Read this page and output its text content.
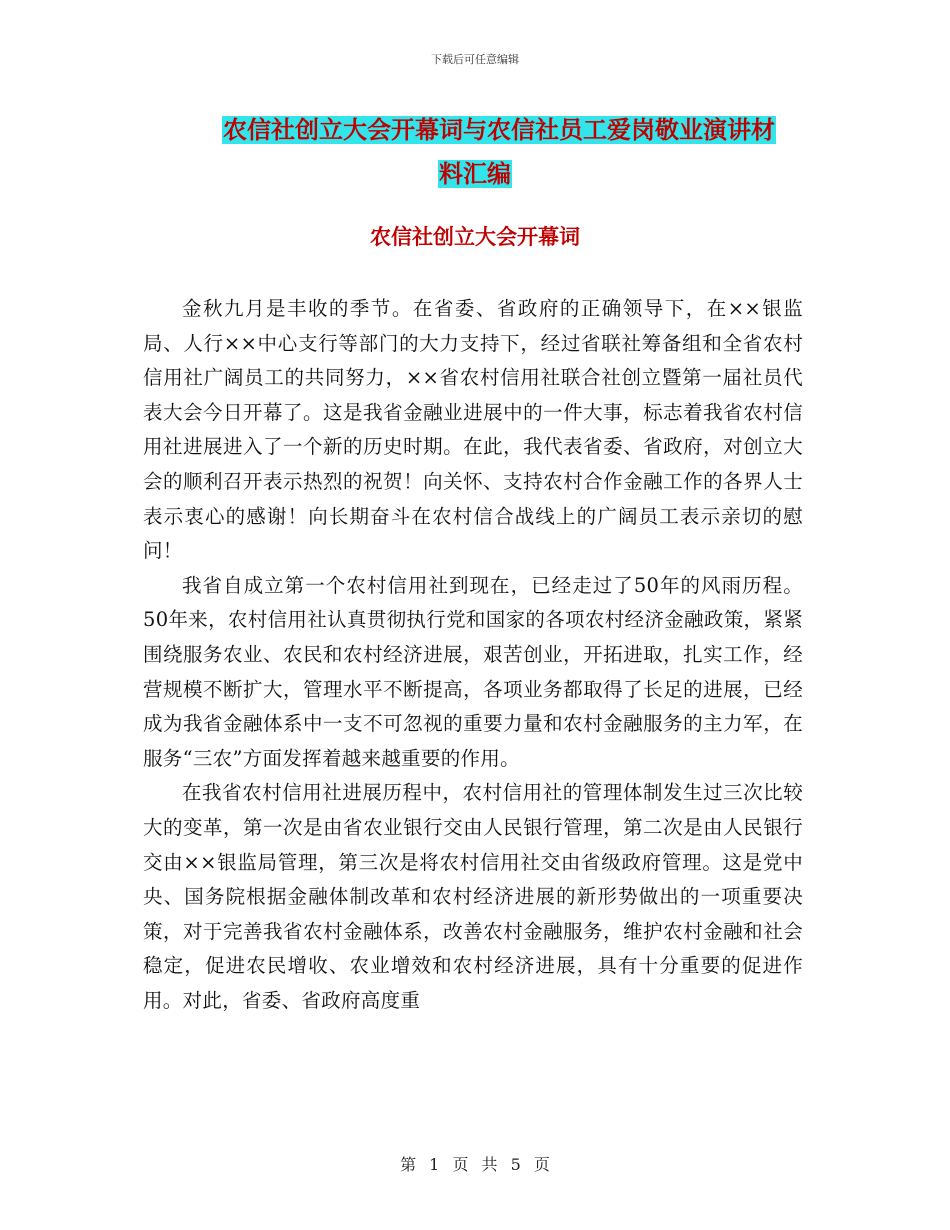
下载后可任意编辑
农信社创立大会开幕词与农信社员工爱岗敬业演讲材
料汇编
农信社创立大会开幕词

金秋九月是丰收的季节。在省委、省政府的正确领导下，在××银监局、人行××中心支行等部门的大力支持下，经过省联社筹备组和全省农村信用社广阔员工的共同努力，××省农村信用社联合社创立暨第一届社员代表大会今日开幕了。这是我省金融业进展中的一件大事，标志着我省农村信用社进展进入了一个新的历史时期。在此，我代表省委、省政府，对创立大会的顺利召开表示热烈的祝贺！向关怀、支持农村合作金融工作的各界人士表示衷心的感谢！向长期奋斗在农村信合战线上的广阔员工表示亲切的慰问！

我省自成立第一个农村信用社到现在，已经走过了50年的风雨历程。50年来，农村信用社认真贯彻执行党和国家的各项农村经济金融政策，紧紧围绕服务农业、农民和农村经济进展，艰苦创业，开拓进取，扎实工作，经营规模不断扩大，管理水平不断提高，各项业务都取得了长足的进展，已经成为我省金融体系中一支不可忽视的重要力量和农村金融服务的主力军，在服务“三农”方面发挥着越来越重要的作用。

在我省农村信用社进展历程中，农村信用社的管理体制发生过三次比较大的变革，第一次是由省农业银行交由人民银行管理，第二次是由人民银行交由××银监局管理，第三次是将农村信用社交由省级政府管理。这是党中央、国务院根据金融体制改革和农村经济进展的新形势做出的一项重要决策，对于完善我省农村金融体系，改善农村金融服务，维护农村金融和社会稳定，促进农民增收、农业增效和农村经济进展，具有十分重要的促进作用。对此，省委、省政府高度重

第 1 页 共 5 页
